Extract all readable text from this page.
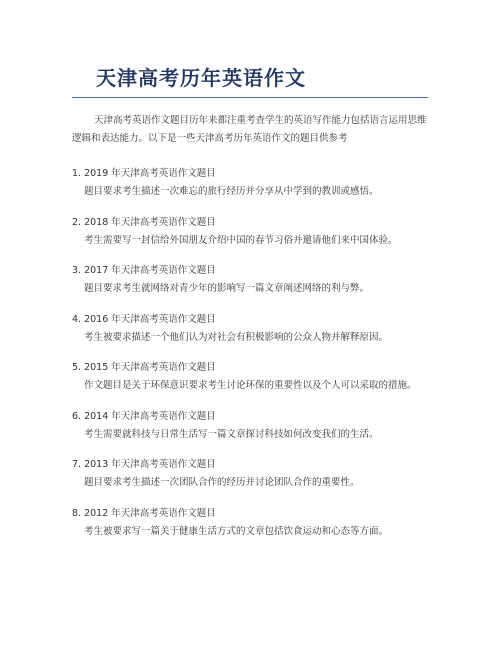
天津高考历年英语作文
天津高考英语作文题目历年来都注重考查学生的英语写作能力包括语言运用思维逻辑和表达能力。以下是一些天津高考历年英语作文的题目供参考
1. 2019 年天津高考英语作文题目
题目要求考生描述一次难忘的旅行经历并分享从中学到的教训或感悟。
2. 2018 年天津高考英语作文题目
考生需要写一封信给外国朋友介绍中国的春节习俗并邀请他们来中国体验。
3. 2017 年天津高考英语作文题目
题目要求考生就网络对青少年的影响写一篇文章阐述网络的利与弊。
4. 2016 年天津高考英语作文题目
考生被要求描述一个他们认为对社会有积极影响的公众人物并解释原因。
5. 2015 年天津高考英语作文题目
作文题目是关于环保意识要求考生讨论环保的重要性以及个人可以采取的措施。
6. 2014 年天津高考英语作文题目
考生需要就科技与日常生活写一篇文章探讨科技如何改变我们的生活。
7. 2013 年天津高考英语作文题目
题目要求考生描述一次团队合作的经历并讨论团队合作的重要性。
8. 2012 年天津高考英语作文题目
考生被要求写一篇关于健康生活方式的文章包括饮食运动和心态等方面。
